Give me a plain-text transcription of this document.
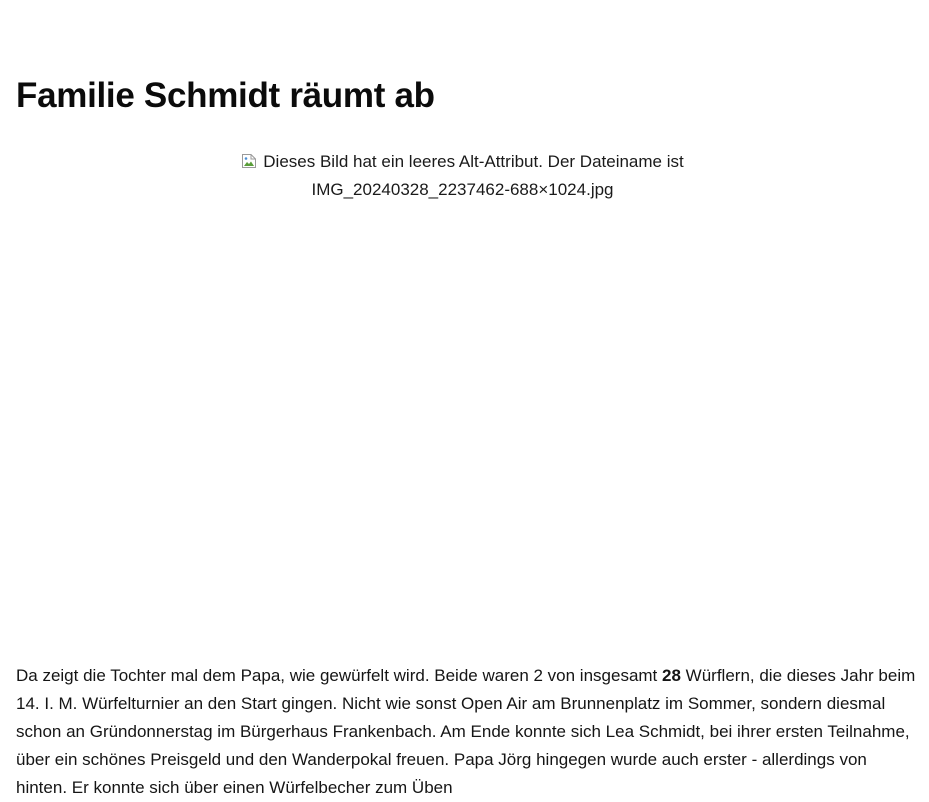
Familie Schmidt räumt ab
Dieses Bild hat ein leeres Alt-Attribut. Der Dateiname ist
IMG_20240328_2237462-688×1024.jpg

Da zeigt die Tochter mal dem Papa, wie gewürfelt wird. Beide waren 2 von insgesamt 28 Würflern, die dieses Jahr beim 14. I. M. Würfelturnier an den Start gingen. Nicht wie sonst Open Air am Brunnenplatz im Sommer, sondern diesmal schon an Gründonnerstag im Bürgerhaus Frankenbach. Am Ende konnte sich Lea Schmidt, bei ihrer ersten Teilnahme, über ein schönes Preisgeld und den Wanderpokal freuen. Papa Jörg hingegen wurde auch erster - allerdings von hinten. Er konnte sich über einen Würfelbecher zum Üben
